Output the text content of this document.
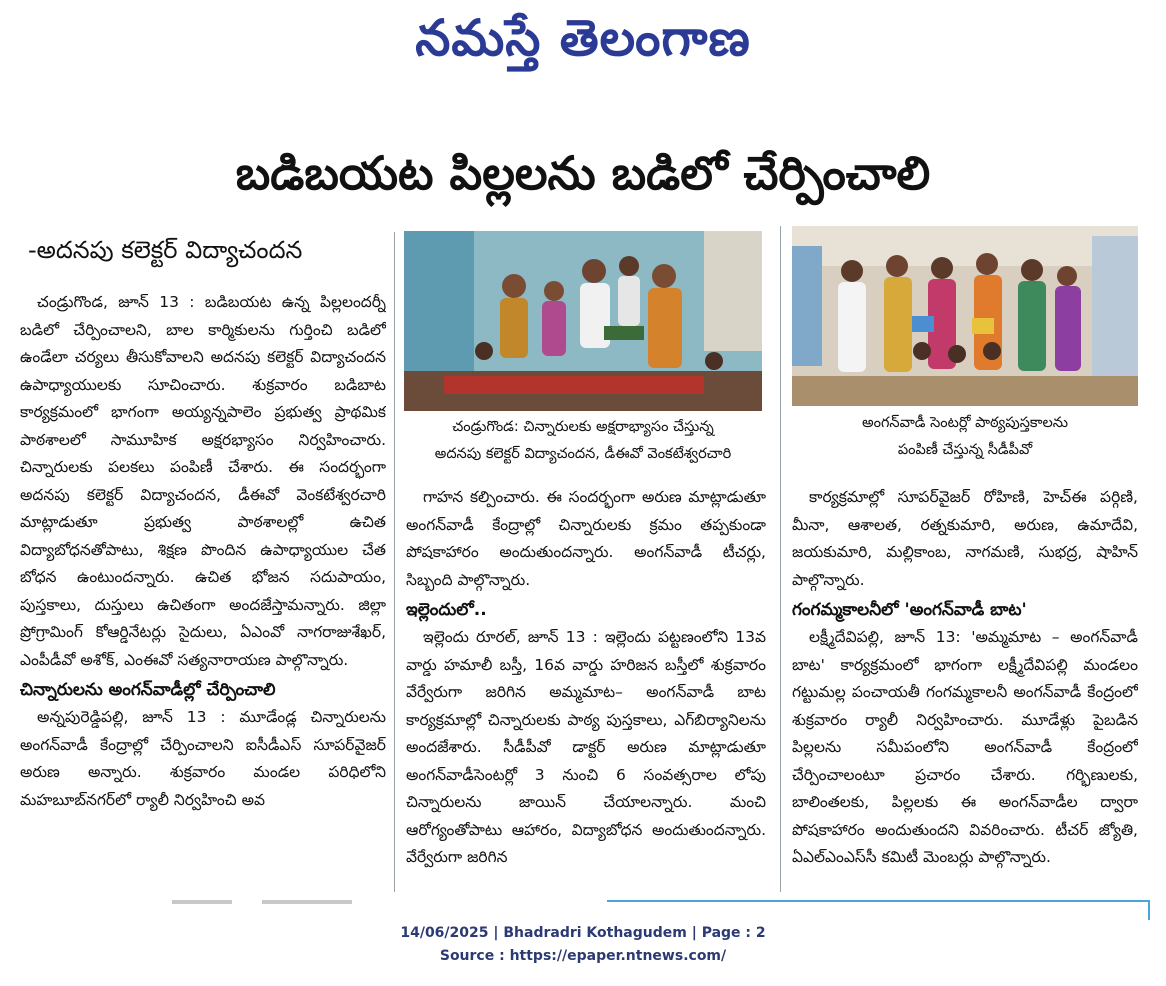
నమస్తే తెలంగాణ
బడిబయట పిల్లలను బడిలో చేర్పించాలి
-అదనపు కలెక్టర్ విద్యాచందన

చండ్రుగొండ, జూన్ 13 : బడిబయట ఉన్న పిల్లలందర్నీ బడిలో చేర్పించాలని, బాల కార్మికులను గుర్తించి బడిలో ఉండేలా చర్యలు తీసుకోవాలని అదనపు కలెక్టర్ విద్యాచందన ఉపాధ్యాయులకు సూచించారు. శుక్రవారం బడిబాట కార్యక్రమంలో భాగంగా అయ్యన్నపాలెం ప్రభుత్వ ప్రాథమిక పాఠశాలలో సామూహిక అక్షరభ్యాసం నిర్వహించారు. చిన్నారులకు పలకలు పంపిణీ చేశారు. ఈ సందర్భంగా అదనపు కలెక్టర్ విద్యాచందన, డీఈవో వెంకటేశ్వరచారి మాట్లాడుతూ ప్రభుత్వ పాఠశాలల్లో ఉచిత విద్యాబోధనతోపాటు, శిక్షణ పొందిన ఉపాధ్యాయుల చేత బోధన ఉంటుందన్నారు. ఉచిత భోజన సదుపాయం, పుస్తకాలు, దుస్తులు ఉచితంగా అందజేస్తామన్నారు. జిల్లా ప్రోగ్రామింగ్ కోఆర్డినేటర్లు సైదులు, ఏఎంవో నాగరాజుశేఖర్, ఎంపీడీవో అశోక్, ఎంఈవో సత్యనారాయణ పాల్గొన్నారు.

చిన్నారులను అంగన్‌వాడీల్లో చేర్పించాలి

అన్నపురెడ్డిపల్లి, జూన్ 13 : మూడేండ్ల చిన్నారులను అంగన్‌వాడీ కేంద్రాల్లో చేర్పించాలని ఐసీడీఎస్ సూపర్‌వైజర్ అరుణ అన్నారు. శుక్రవారం మండల పరిధిలోని మహబూబ్‌నగర్‌లో ర్యాలీ నిర్వహించి అవ

చండ్రుగొండ: చిన్నారులకు అక్షరాభ్యాసం చేస్తున్న
అదనపు కలెక్టర్ విద్యాచందన, డీఈవో వెంకటేశ్వరచారి
అంగన్‌వాడీ సెంటర్లో పాఠ్యపుస్తకాలను
పంపిణీ చేస్తున్న సీడీపీవో

గాహన కల్పించారు. ఈ సందర్భంగా అరుణ మాట్లాడుతూ అంగన్‌వాడీ కేంద్రాల్లో చిన్నారులకు క్రమం తప్పకుండా పోషకాహారం అందుతుందన్నారు. అంగన్‌వాడీ టీచర్లు, సిబ్బంది పాల్గొన్నారు.

ఇల్లెందులో..

ఇల్లెందు రూరల్, జూన్ 13 : ఇల్లెందు పట్టణంలోని 13వ వార్డు హమాలీ బస్తీ, 16వ వార్డు హరిజన బస్తీలో శుక్రవారం వేర్వేరుగా జరిగిన అమ్మమాట– అంగన్‌వాడీ బాట కార్యక్రమాల్లో చిన్నారులకు పాఠ్య పుస్తకాలు, ఎగ్‌బిర్యానిలను అందజేశారు. సీడీపీవో డాక్టర్ అరుణ మాట్లాడుతూ అంగన్‌వాడీసెంటర్లో 3 నుంచి 6 సంవత్సరాల లోపు చిన్నారులను జాయిన్ చేయాలన్నారు. మంచి ఆరోగ్యంతోపాటు ఆహారం, విద్యాబోధన అందుతుందన్నారు. వేర్వేరుగా జరిగిన

కార్యక్రమాల్లో సూపర్‌వైజర్ రోహిణి, హెచ్ఈ పర్గిణి, మీనా, ఆశాలత, రత్నకుమారి, అరుణ, ఉమాదేవి, జయకుమారి, మల్లికాంబ, నాగమణి, సుభద్ర, షాహిన్ పాల్గొన్నారు.

గంగమ్మకాలనీలో 'అంగన్‌వాడీ బాట'

లక్ష్మీదేవిపల్లి, జూన్ 13: 'అమ్మమాట – అంగన్‌వాడీ బాట' కార్యక్రమంలో భాగంగా లక్ష్మీదేవిపల్లి మండలం గట్టుమల్ల పంచాయతీ గంగమ్మకాలనీ అంగన్‌వాడీ కేంద్రంలో శుక్రవారం ర్యాలీ నిర్వహించారు. మూడేళ్లు పైబడిన పిల్లలను సమీపంలోని అంగన్‌వాడీ కేంద్రంలో చేర్పించాలంటూ ప్రచారం చేశారు. గర్భిణులకు, బాలింతలకు, పిల్లలకు ఈ అంగన్‌వాడీల ద్వారా పోషకాహారం అందుతుందని వివరించారు. టీచర్ జ్యోతి, ఏఎల్ఎంఎస్‌సీ కమిటీ మెంబర్లు పాల్గొన్నారు.

14/06/2025 | Bhadradri Kothagudem | Page : 2
Source : https://epaper.ntnews.com/
